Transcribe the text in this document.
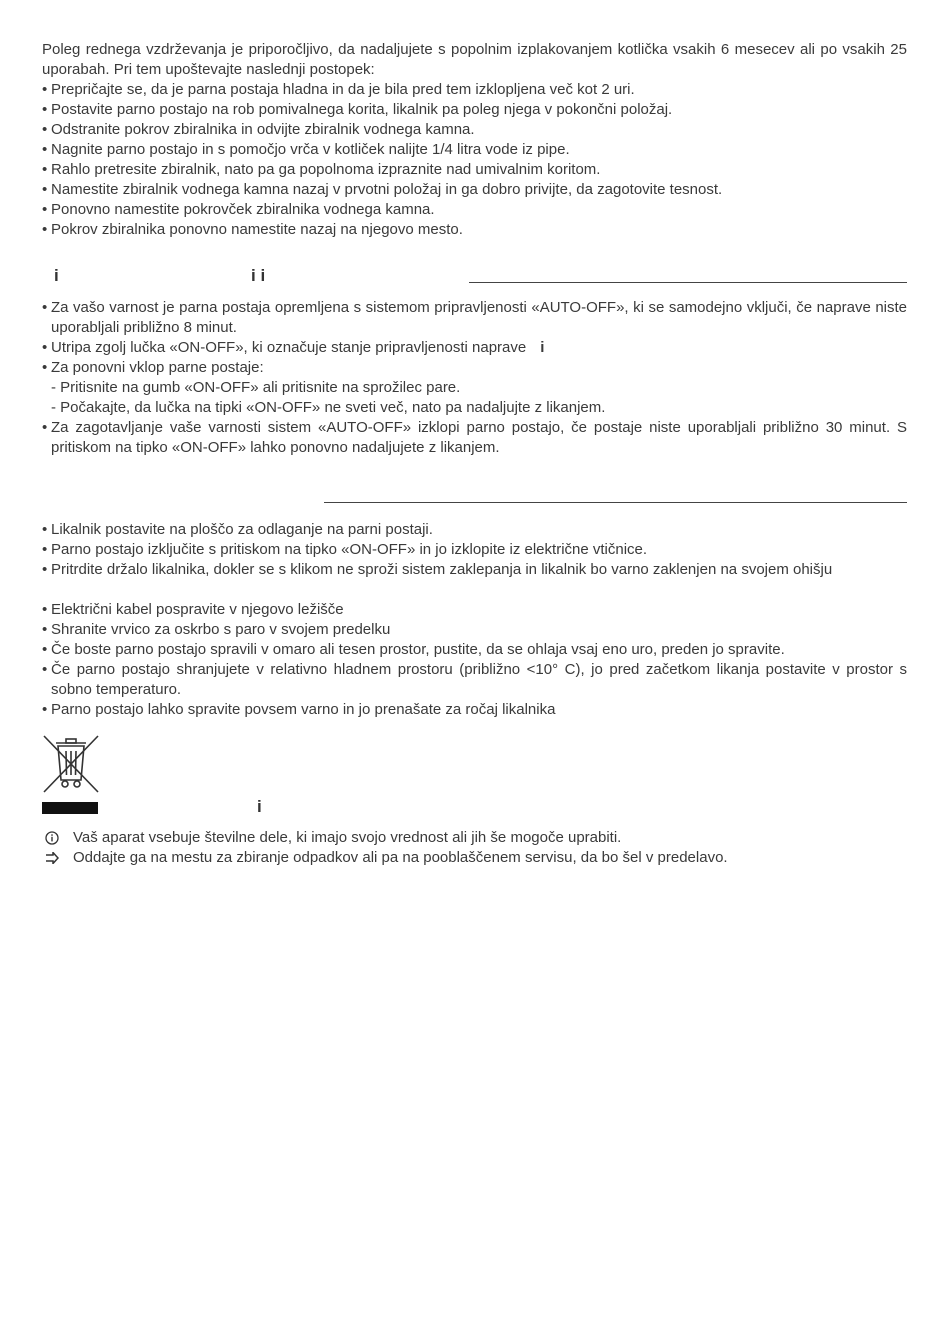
Poleg rednega vzdrževanja je priporočljivo, da nadaljujete s popolnim izplakovanjem kotlička vsakih 6 mesecev ali po vsakih 25 uporabah. Pri tem upoštevajte naslednji postopek:

• Prepričajte se, da je parna postaja hladna in da je bila pred tem izklopljena več kot 2 uri.
• Postavite parno postajo na rob pomivalnega korita, likalnik pa poleg njega v pokončni položaj.
• Odstranite pokrov zbiralnika in odvijte zbiralnik vodnega kamna.
• Nagnite parno postajo in s pomočjo vrča v kotliček nalijte 1/4 litra vode iz pipe.
• Rahlo pretresite zbiralnik, nato pa ga popolnoma izpraznite nad umivalnim koritom.
• Namestite zbiralnik vodnega kamna nazaj v prvotni položaj in ga dobro privijte, da zagotovite tesnost.
• Ponovno namestite pokrovček zbiralnika vodnega kamna.
• Pokrov zbiralnika ponovno namestite nazaj na njegovo mesto.
i	i i
• Za vašo varnost je parna postaja opremljena s sistemom pripravljenosti «AUTO-OFF», ki se samodejno vključi, če naprave niste uporabljali približno 8 minut.
• Utripa zgolj lučka «ON-OFF», ki označuje stanje pripravljenosti naprave i
• Za ponovni vklop parne postaje:
- Pritisnite na gumb «ON-OFF» ali pritisnite na sprožilec pare.
- Počakajte, da lučka na tipki «ON-OFF» ne sveti več, nato pa nadaljujte z likanjem.
• Za zagotavljanje vaše varnosti sistem «AUTO-OFF» izklopi parno postajo, če postaje niste uporabljali približno 30 minut. S pritiskom na tipko «ON-OFF» lahko ponovno nadaljujete z likanjem.
• Likalnik postavite na ploščo za odlaganje na parni postaji.
• Parno postajo izključite s pritiskom na tipko «ON-OFF» in jo izklopite iz električne vtičnice.
• Pritrdite držalo likalnika, dokler se s klikom ne sproži sistem zaklepanja in likalnik bo varno zaklenjen na svojem ohišju
• Električni kabel pospravite v njegovo ležišče
• Shranite vrvico za oskrbo s paro v svojem predelku
• Če boste parno postajo spravili v omaro ali tesen prostor, pustite, da se ohlaja vsaj eno uro, preden jo spravite.
• Če parno postajo shranjujete v relativno hladnem prostoru (približno <10° C), jo pred začetkom likanja postavite v prostor s sobno temperaturo.
• Parno postajo lahko spravite povsem varno in jo prenašate za ročaj likalnika
i
Vaš aparat vsebuje številne dele, ki imajo svojo vrednost ali jih še mogoče uprabiti.
Oddajte ga na mestu za zbiranje odpadkov ali pa na pooblaščenem servisu, da bo šel v predelavo.
